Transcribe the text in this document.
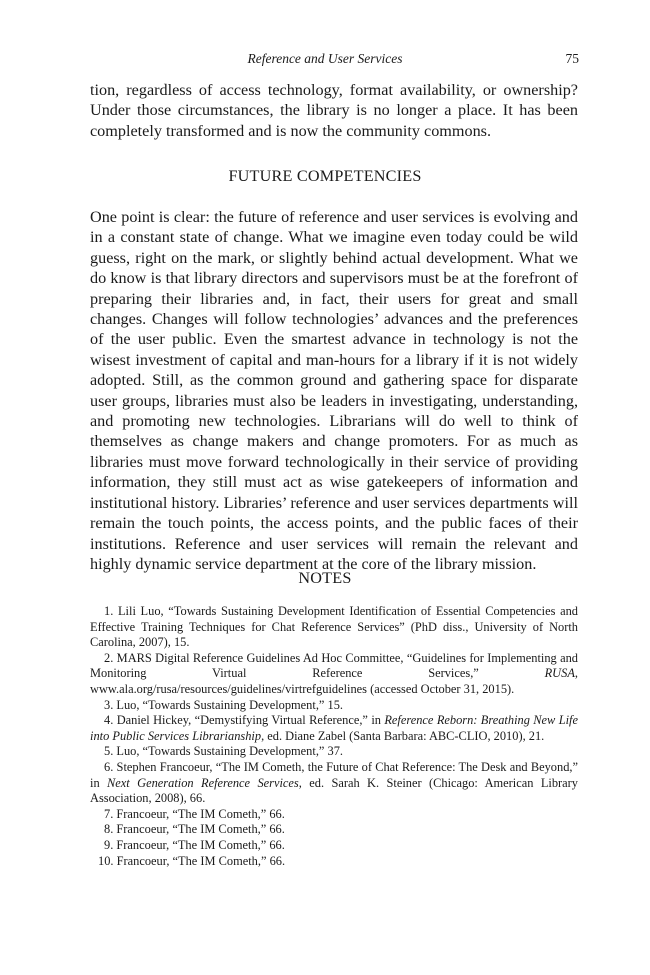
Reference and User Services	75

tion, regardless of access technology, format availability, or ownership? Under those circumstances, the library is no longer a place. It has been completely transformed and is now the community commons.

FUTURE COMPETENCIES

One point is clear: the future of reference and user services is evolving and in a constant state of change. What we imagine even today could be wild guess, right on the mark, or slightly behind actual development. What we do know is that library directors and supervisors must be at the forefront of preparing their libraries and, in fact, their users for great and small changes. Changes will follow technologies’ advances and the preferences of the user public. Even the smartest advance in technology is not the wisest investment of capital and man-hours for a library if it is not widely adopted. Still, as the common ground and gathering space for disparate user groups, libraries must also be leaders in investigating, understanding, and promoting new technologies. Librarians will do well to think of themselves as change makers and change promoters. For as much as libraries must move forward technologically in their service of providing information, they still must act as wise gatekeepers of information and institutional history. Libraries’ reference and user services departments will remain the touch points, the access points, and the public faces of their institutions. Reference and user services will remain the relevant and highly dynamic service department at the core of the library mission.

NOTES
1. Lili Luo, “Towards Sustaining Development Identification of Essential Competencies and Effective Training Techniques for Chat Reference Services” (PhD diss., University of North Carolina, 2007), 15.
2. MARS Digital Reference Guidelines Ad Hoc Committee, “Guidelines for Implementing and Monitoring Virtual Reference Services,” RUSA, www.ala.org/rusa/resources/guidelines/virtrefguidelines (accessed October 31, 2015).
3. Luo, “Towards Sustaining Development,” 15.
4. Daniel Hickey, “Demystifying Virtual Reference,” in Reference Reborn: Breathing New Life into Public Services Librarianship, ed. Diane Zabel (Santa Barbara: ABC-CLIO, 2010), 21.
5. Luo, “Towards Sustaining Development,” 37.
6. Stephen Francoeur, “The IM Cometh, the Future of Chat Reference: The Desk and Beyond,” in Next Generation Reference Services, ed. Sarah K. Steiner (Chicago: American Library Association, 2008), 66.
7. Francoeur, “The IM Cometh,” 66.
8. Francoeur, “The IM Cometh,” 66.
9. Francoeur, “The IM Cometh,” 66.
10. Francoeur, “The IM Cometh,” 66.
